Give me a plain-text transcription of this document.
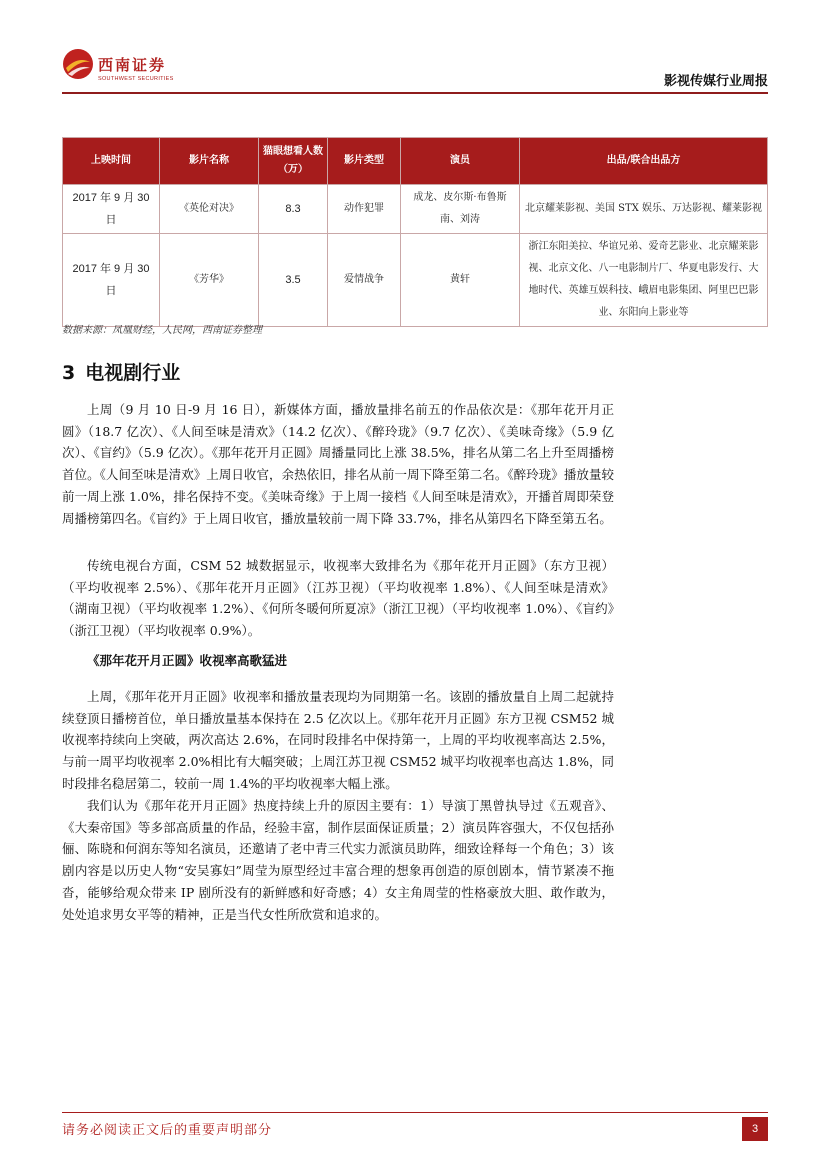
西南证券
SOUTHWEST SECURITIES	影视传媒行业周报
上映时间	影片名称	猫眼想看人数（万）	影片类型	演员	出品/联合出品方
2017 年 9 月 30 日	《英伦对决》	8.3	动作犯罪	成龙、皮尔斯·布鲁斯南、刘涛	北京耀莱影视、美国 STX 娱乐、万达影视、耀莱影视
2017 年 9 月 30 日	《芳华》	3.5	爱情战争	黄轩	浙江东阳美拉、华谊兄弟、爱奇艺影业、北京耀莱影视、北京文化、八一电影制片厂、华夏电影发行、大地时代、英雄互娱科技、峨眉电影集团、阿里巴巴影业、东阳向上影业等
数据来源：凤凰财经，人民网，西南证券整理
3 电视剧行业

上周（9 月 10 日-9 月 16 日），新媒体方面，播放量排名前五的作品依次是：《那年花开月正圆》（18.7 亿次）、《人间至味是清欢》（14.2 亿次）、《醉玲珑》（9.7 亿次）、《美味奇缘》（5.9 亿次）、《盲约》（5.9 亿次）。《那年花开月正圆》周播量同比上涨 38.5%，排名从第二名上升至周播榜首位。《人间至味是清欢》上周日收官，余热依旧，排名从前一周下降至第二名。《醉玲珑》播放量较前一周上涨 1.0%，排名保持不变。《美味奇缘》于上周一接档《人间至味是清欢》，开播首周即荣登周播榜第四名。《盲约》于上周日收官，播放量较前一周下降 33.7%，排名从第四名下降至第五名。

传统电视台方面，CSM 52 城数据显示，收视率大致排名为《那年花开月正圆》（东方卫视）（平均收视率 2.5%）、《那年花开月正圆》（江苏卫视）（平均收视率 1.8%）、《人间至味是清欢》（湖南卫视）（平均收视率 1.2%）、《何所冬暖何所夏凉》（浙江卫视）（平均收视率 1.0%）、《盲约》（浙江卫视）（平均收视率 0.9%）。

《那年花开月正圆》收视率高歌猛进

上周，《那年花开月正圆》收视率和播放量表现均为同期第一名。该剧的播放量自上周二起就持续登顶日播榜首位，单日播放量基本保持在 2.5 亿次以上。《那年花开月正圆》东方卫视 CSM52 城收视率持续向上突破，两次高达 2.6%，在同时段排名中保持第一，上周的平均收视率高达 2.5%，与前一周平均收视率 2.0%相比有大幅突破；上周江苏卫视 CSM52 城平均收视率也高达 1.8%，同时段排名稳居第二，较前一周 1.4%的平均收视率大幅上涨。

我们认为《那年花开月正圆》热度持续上升的原因主要有：1）导演丁黑曾执导过《五观音》、《大秦帝国》等多部高质量的作品，经验丰富，制作层面保证质量；2）演员阵容强大，不仅包括孙俪、陈晓和何润东等知名演员，还邀请了老中青三代实力派演员助阵，细致诠释每一个角色；3）该剧内容是以历史人物“安吴寡妇”周莹为原型经过丰富合理的想象再创造的原创剧本，情节紧凑不拖沓，能够给观众带来 IP 剧所没有的新鲜感和好奇感；4）女主角周莹的性格豪放大胆、敢作敢为，处处追求男女平等的精神，正是当代女性所欣赏和追求的。

请务必阅读正文后的重要声明部分	3
